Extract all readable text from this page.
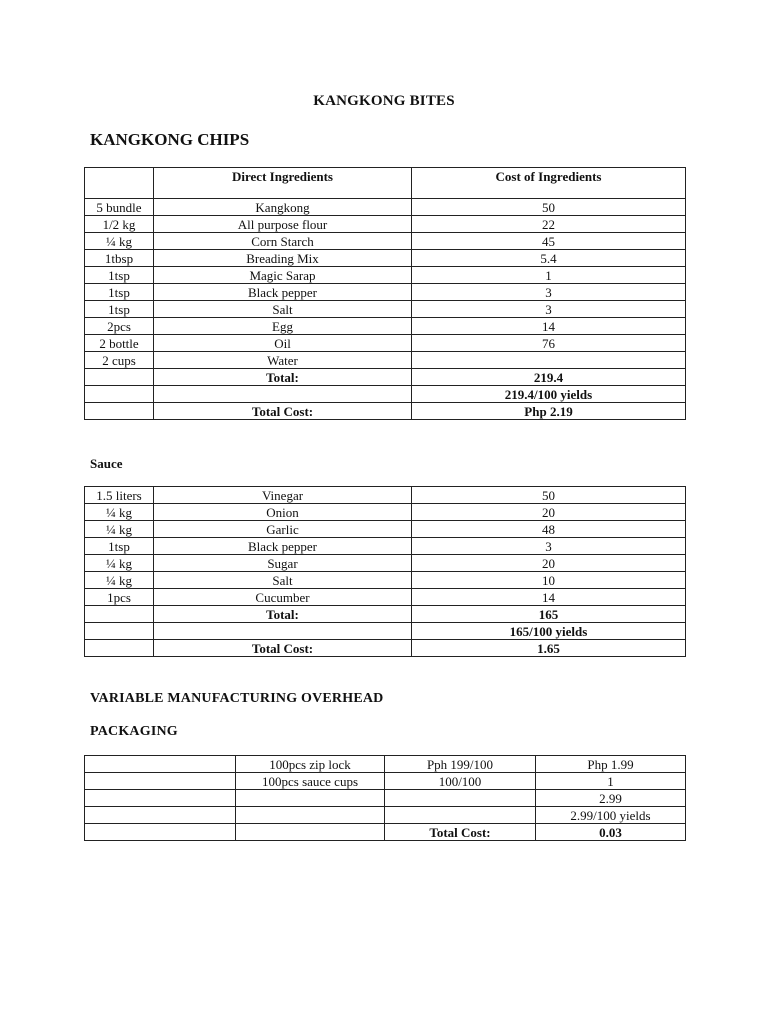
KANGKONG BITES
KANGKONG CHIPS
	Direct Ingredients	Cost of Ingredients
5 bundle	Kangkong	50
1/2 kg	All purpose flour	22
¼ kg	Corn Starch	45
1tbsp	Breading Mix	5.4
1tsp	Magic Sarap	1
1tsp	Black pepper	3
1tsp	Salt	3
2pcs	Egg	14
2 bottle	Oil	76
2 cups	Water	
	Total:	219.4
		219.4/100 yields
	Total Cost:	Php 2.19
Sauce
1.5 liters	Vinegar	50
¼ kg	Onion	20
¼ kg	Garlic	48
1tsp	Black pepper	3
¼ kg	Sugar	20
¼ kg	Salt	10
1pcs	Cucumber	14
	Total:	165
		165/100 yields
	Total Cost:	1.65
VARIABLE MANUFACTURING OVERHEAD
PACKAGING
	100pcs zip lock	Pph 199/100	Php 1.99
	100pcs sauce cups	100/100	1
			2.99
			2.99/100 yields
		Total Cost:	0.03
